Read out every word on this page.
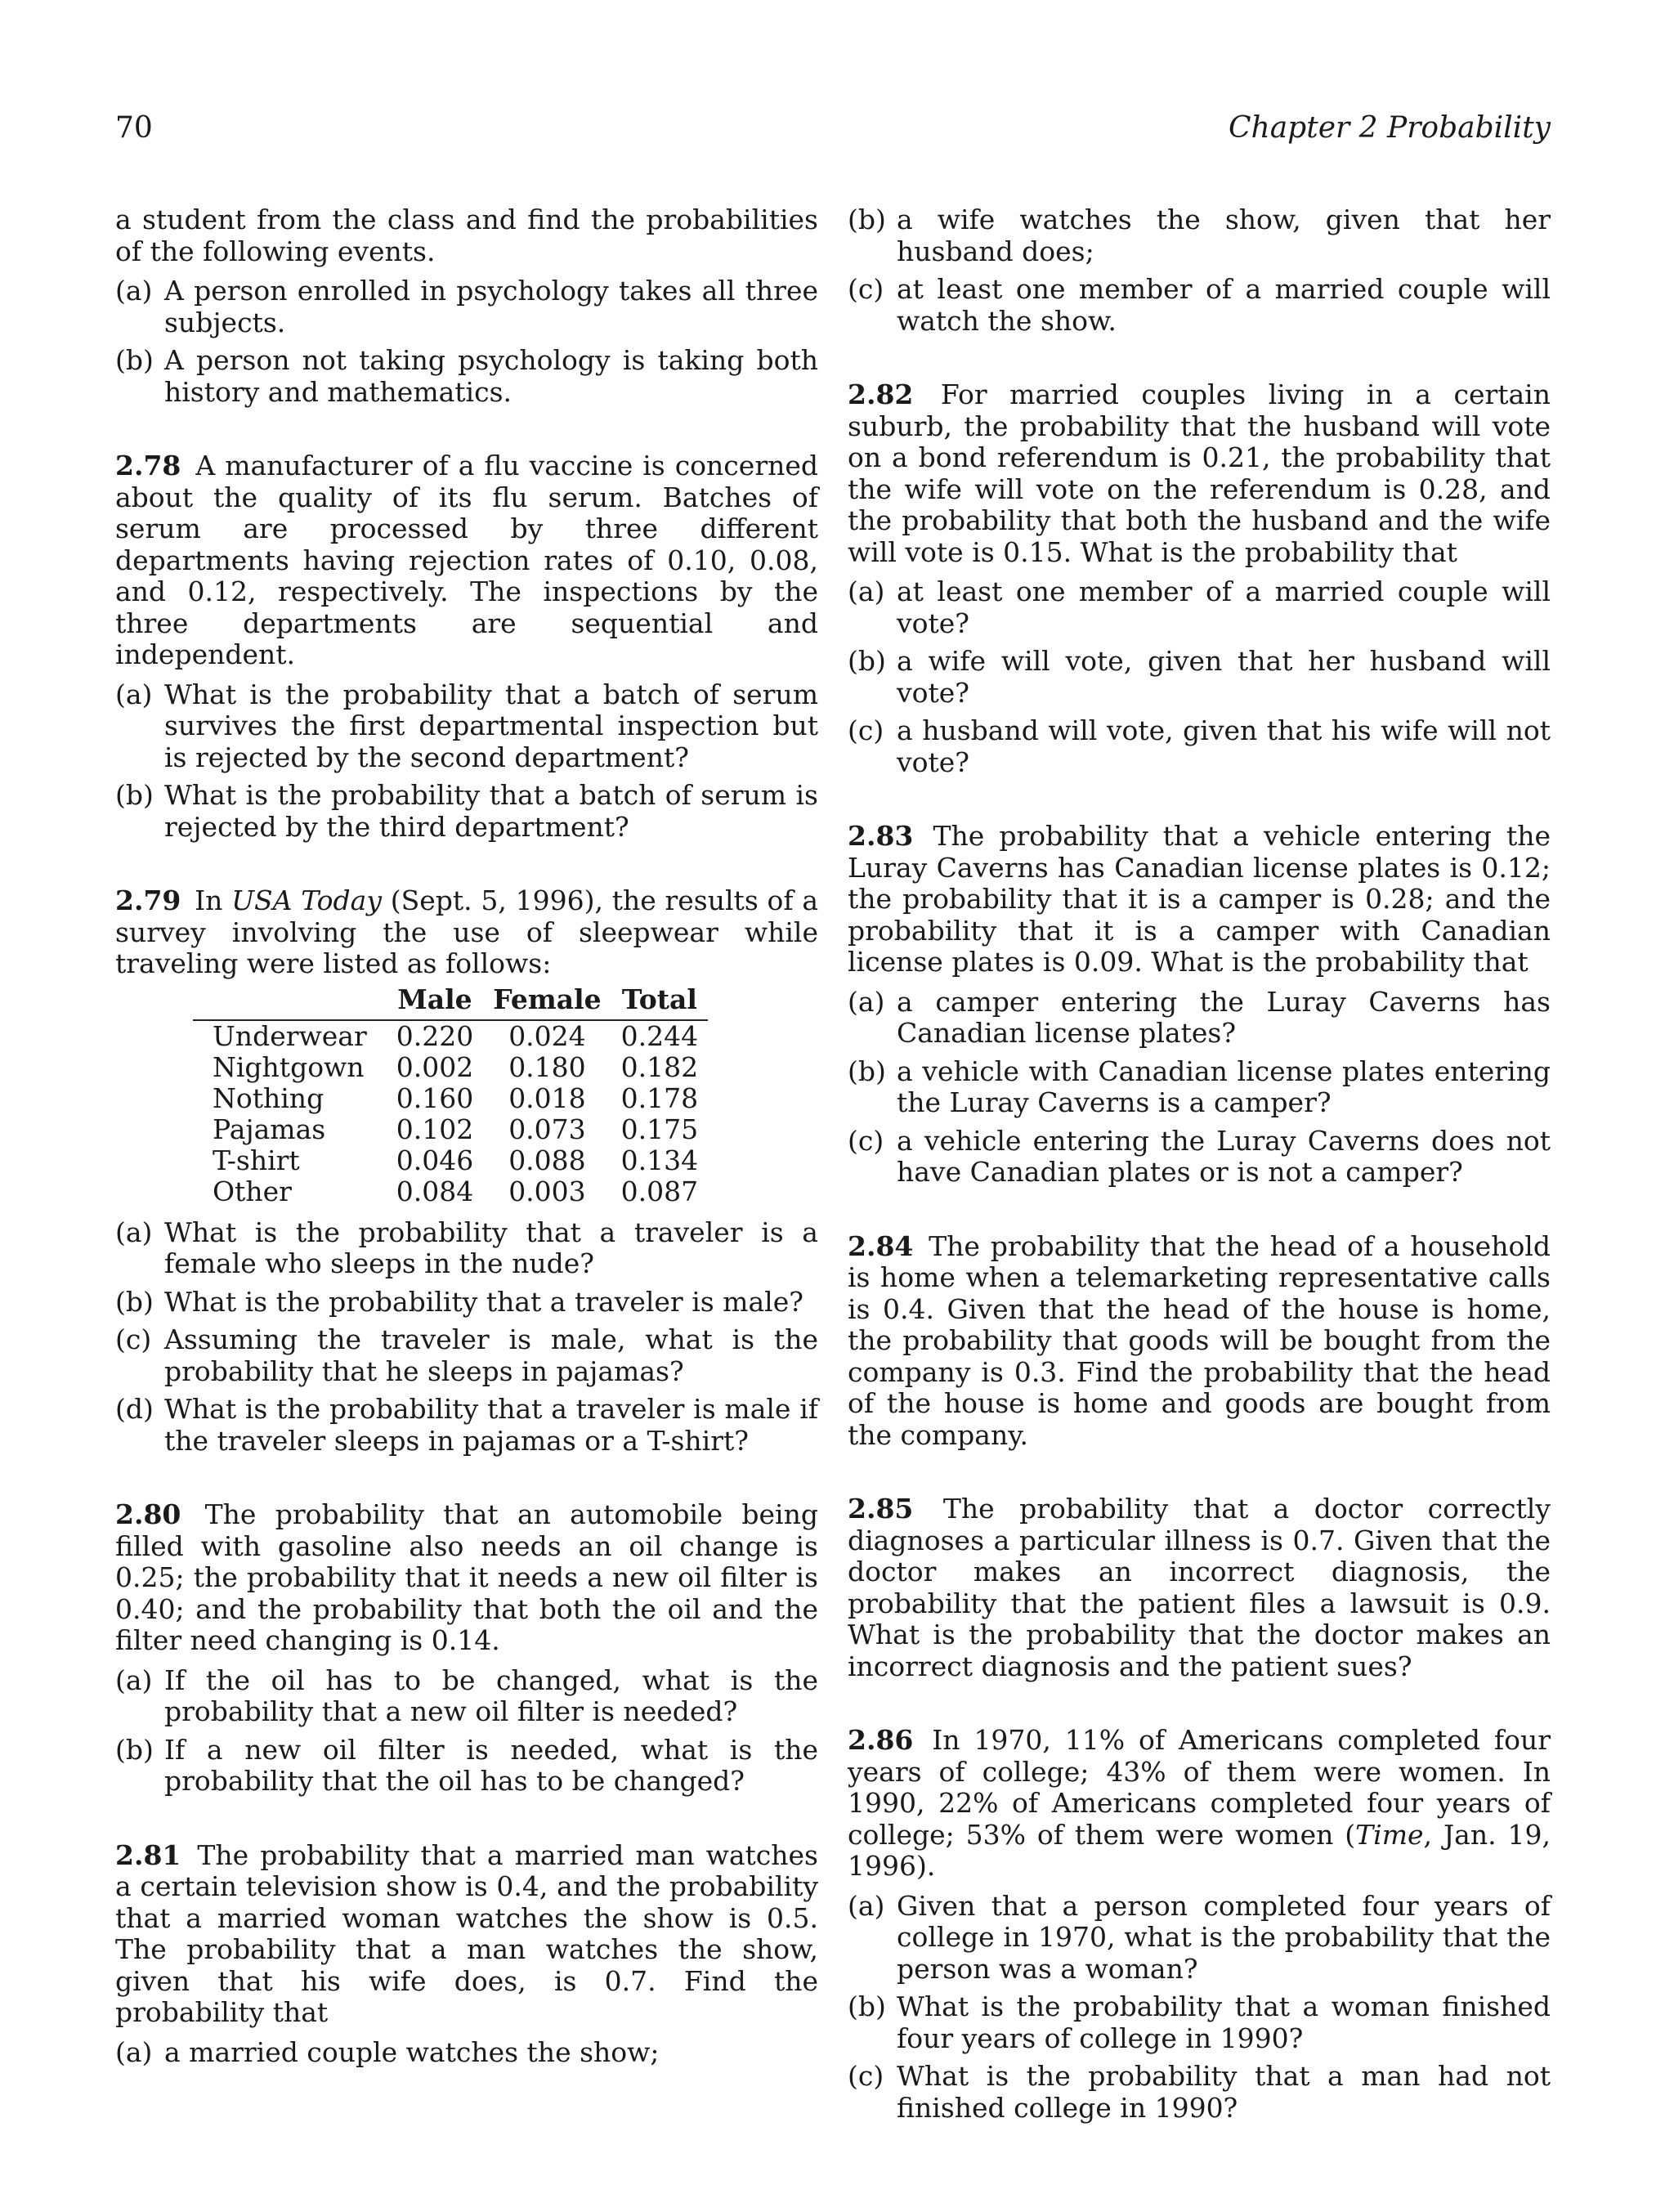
70	Chapter 2 Probability

a student from the class and find the probabilities of the following events.

(a) A person enrolled in psychology takes all three subjects.
(b) A person not taking psychology is taking both history and mathematics.

2.78 A manufacturer of a flu vaccine is concerned about the quality of its flu serum. Batches of serum are processed by three different departments having rejection rates of 0.10, 0.08, and 0.12, respectively. The inspections by the three departments are sequential and independent.

(a) What is the probability that a batch of serum survives the first departmental inspection but is rejected by the second department?
(b) What is the probability that a batch of serum is rejected by the third department?

2.79 In USA Today (Sept. 5, 1996), the results of a survey involving the use of sleepwear while traveling were listed as follows:

	Male	Female	Total
Underwear	0.220	0.024	0.244
Nightgown	0.002	0.180	0.182
Nothing	0.160	0.018	0.178
Pajamas	0.102	0.073	0.175
T-shirt	0.046	0.088	0.134
Other	0.084	0.003	0.087
(a) What is the probability that a traveler is a female who sleeps in the nude?
(b) What is the probability that a traveler is male?
(c) Assuming the traveler is male, what is the probability that he sleeps in pajamas?
(d) What is the probability that a traveler is male if the traveler sleeps in pajamas or a T-shirt?

2.80 The probability that an automobile being filled with gasoline also needs an oil change is 0.25; the probability that it needs a new oil filter is 0.40; and the probability that both the oil and the filter need changing is 0.14.

(a) If the oil has to be changed, what is the probability that a new oil filter is needed?
(b) If a new oil filter is needed, what is the probability that the oil has to be changed?

2.81 The probability that a married man watches a certain television show is 0.4, and the probability that a married woman watches the show is 0.5. The probability that a man watches the show, given that his wife does, is 0.7. Find the probability that

(a) a married couple watches the show;
(b) a wife watches the show, given that her husband does;
(c) at least one member of a married couple will watch the show.

2.82 For married couples living in a certain suburb, the probability that the husband will vote on a bond referendum is 0.21, the probability that the wife will vote on the referendum is 0.28, and the probability that both the husband and the wife will vote is 0.15. What is the probability that

(a) at least one member of a married couple will vote?
(b) a wife will vote, given that her husband will vote?
(c) a husband will vote, given that his wife will not vote?

2.83 The probability that a vehicle entering the Luray Caverns has Canadian license plates is 0.12; the probability that it is a camper is 0.28; and the probability that it is a camper with Canadian license plates is 0.09. What is the probability that

(a) a camper entering the Luray Caverns has Canadian license plates?
(b) a vehicle with Canadian license plates entering the Luray Caverns is a camper?
(c) a vehicle entering the Luray Caverns does not have Canadian plates or is not a camper?

2.84 The probability that the head of a household is home when a telemarketing representative calls is 0.4. Given that the head of the house is home, the probability that goods will be bought from the company is 0.3. Find the probability that the head of the house is home and goods are bought from the company.

2.85 The probability that a doctor correctly diagnoses a particular illness is 0.7. Given that the doctor makes an incorrect diagnosis, the probability that the patient files a lawsuit is 0.9. What is the probability that the doctor makes an incorrect diagnosis and the patient sues?

2.86 In 1970, 11% of Americans completed four years of college; 43% of them were women. In 1990, 22% of Americans completed four years of college; 53% of them were women (Time, Jan. 19, 1996).

(a) Given that a person completed four years of college in 1970, what is the probability that the person was a woman?
(b) What is the probability that a woman finished four years of college in 1990?
(c) What is the probability that a man had not finished college in 1990?
